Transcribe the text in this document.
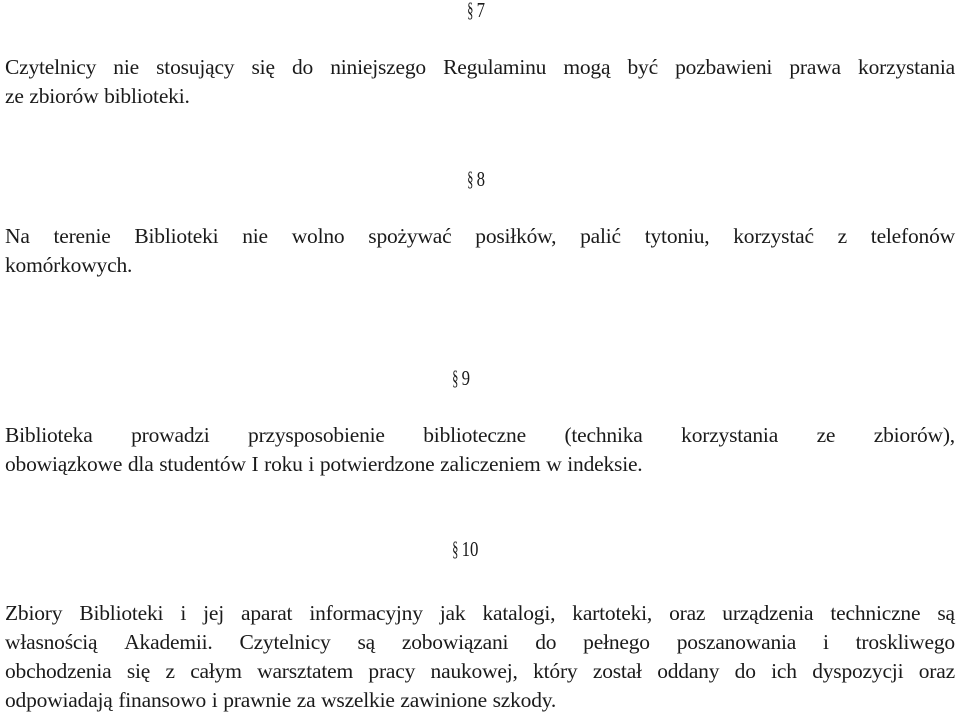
§ 7

Czytelnicy nie stosujący się do niniejszego Regulaminu mogą być pozbawieni prawa korzystania
ze zbiorów biblioteki.

§ 8

Na terenie Biblioteki nie wolno spożywać posiłków, palić tytoniu, korzystać z telefonów
komórkowych.

§ 9

Biblioteka prowadzi przysposobienie biblioteczne (technika korzystania ze zbiorów),
obowiązkowe dla studentów I roku i potwierdzone zaliczeniem w indeksie.

§ 10

Zbiory Biblioteki i jej aparat informacyjny jak katalogi, kartoteki, oraz urządzenia techniczne są
własnością Akademii. Czytelnicy są zobowiązani do pełnego poszanowania i troskliwego
obchodzenia się z całym warsztatem pracy naukowej, który został oddany do ich dyspozycji oraz
odpowiadają finansowo i prawnie za wszelkie zawinione szkody.
